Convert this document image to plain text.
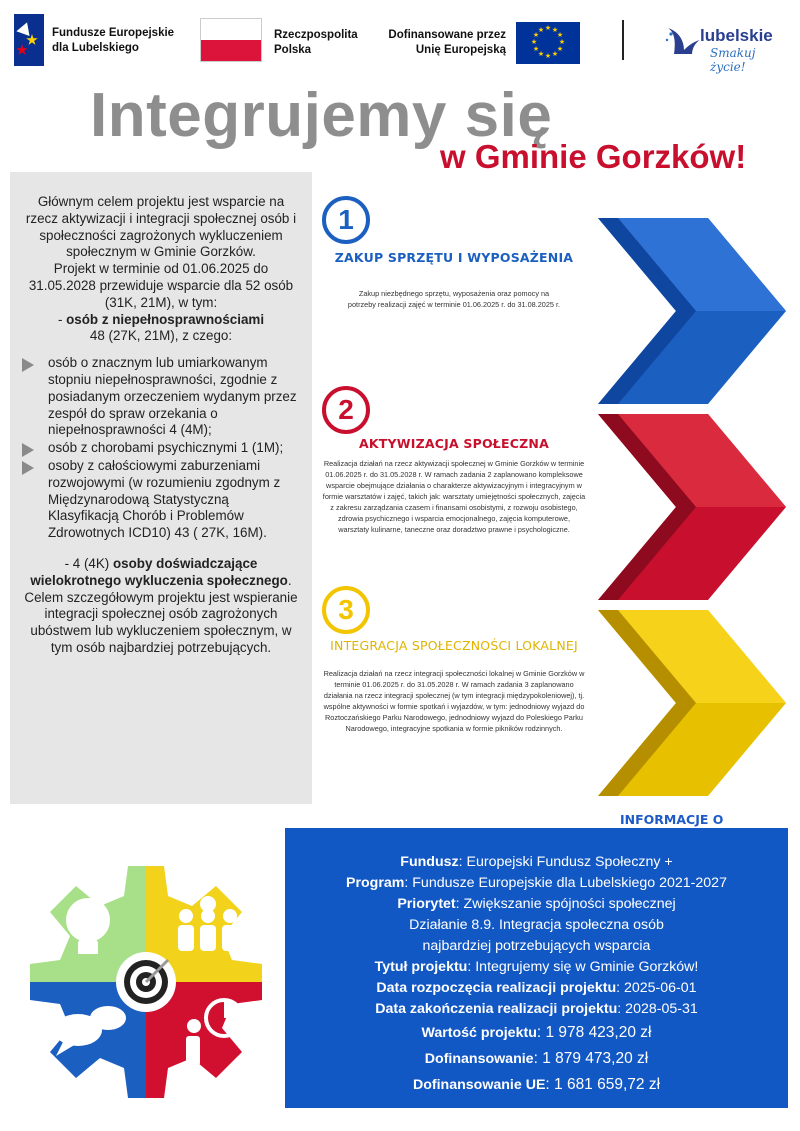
Fundusze Europejskie
dla Lubelskiego
Rzeczpospolita
Polska
Dofinansowane przez
Unię Europejską
★ ★
★
★
★
★
★
★
★
★
★
★	lubelskie
Smakuj życie!
Integrujemy się
w Gminie Gorzków!
Głównym celem projektu jest wsparcie na rzecz aktywizacji i integracji społecznej osób i społeczności zagrożonych wykluczeniem społecznym w Gminie Gorzków.
Projekt w terminie od 01.06.2025 do 31.05.2028 przewiduje wsparcie dla 52 osób (31K, 21M), w tym:
- osób z niepełnosprawnościami
48 (27K, 21M), z czego:
osób o znacznym lub umiarkowanym stopniu niepełnosprawności, zgodnie z posiadanym orzeczeniem wydanym przez zespół do spraw orzekania o niepełnosprawności 4 (4M);
osób z chorobami psychicznymi 1 (1M);
osoby z całościowymi zaburzeniami rozwojowymi (w rozumieniu zgodnym z Międzynarodową Statystyczną Klasyfikacją Chorób i Problemów Zdrowotnych ICD10) 43 ( 27K, 16M).
- 4 (4K) osoby doświadczające wielokrotnego wykluczenia społecznego.
Celem szczegółowym projektu jest wspieranie integracji społecznej osób zagrożonych ubóstwem lub wykluczeniem społecznym, w tym osób najbardziej potrzebujących.
1
ZAKUP SPRZĘTU I WYPOSAŻENIA
Zakup niezbędnego sprzętu, wyposażenia oraz pomocy na potrzeby realizacji zajęć w terminie 01.06.2025 r. do 31.08.2025 r.
2
AKTYWIZACJA SPOŁECZNA
Realizacja działań na rzecz aktywizacji społecznej w Gminie Gorzków w terminie 01.06.2025 r. do 31.05.2028 r. W ramach zadania 2 zaplanowano kompleksowe wsparcie obejmujące działania o charakterze aktywizacyjnym i integracyjnym w formie warsztatów i zajęć, takich jak: warsztaty umiejętności społecznych, zajęcia z zakresu zarządzania czasem i finansami osobistymi, z rozwoju osobistego, zdrowia psychicznego i wsparcia emocjonalnego, zajęcia komputerowe, warsztaty kulinarne, taneczne oraz doradztwo prawne i psychologiczne.
3
INTEGRACJA SPOŁECZNOŚCI LOKALNEJ
Realizacja działań na rzecz integracji społeczności lokalnej w Gminie Gorzków w terminie 01.06.2025 r. do 31.05.2028 r. W ramach zadania 3 zaplanowano działania na rzecz integracji społecznej (w tym integracji międzypokoleniowej), tj. wspólne aktywności w formie spotkań i wyjazdów, w tym: jednodniowy wyjazd do Roztoczańskiego Parku Narodowego, jednodniowy wyjazd do Poleskiego Parku Narodowego, integracyjne spotkania w formie pikników rodzinnych.
INFORMACJE O
Fundusz: Europejski Fundusz Społeczny +
Program: Fundusze Europejskie dla Lubelskiego 2021-2027
Priorytet: Zwiększanie spójności społecznej
Działanie 8.9. Integracja społeczna osób
najbardziej potrzebujących wsparcia
Tytuł projektu: Integrujemy się w Gminie Gorzków!
Data rozpoczęcia realizacji projektu: 2025-06-01
Data zakończenia realizacji projektu: 2028-05-31
Wartość projektu: 1 978 423,20 zł
Dofinansowanie: 1 879 473,20 zł
Dofinansowanie UE: 1 681 659,72 zł
